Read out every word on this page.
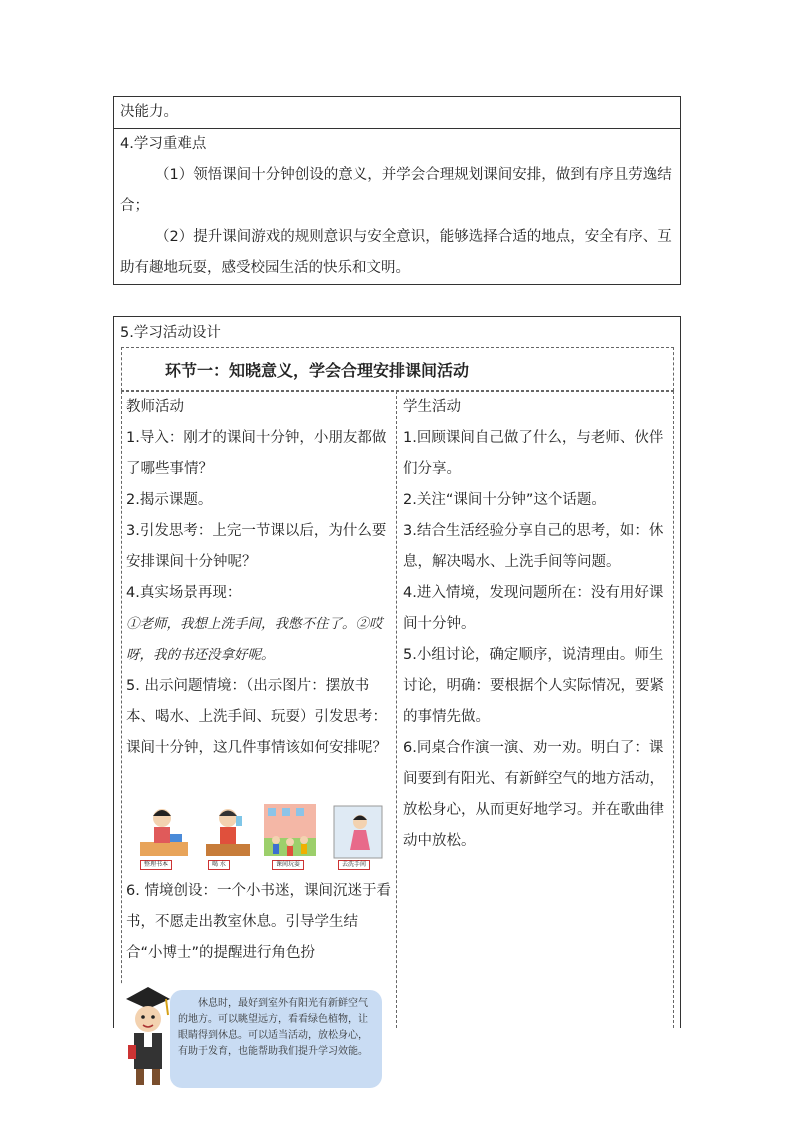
决能力。
4.学习重难点
（1）领悟课间十分钟创设的意义，并学会合理规划课间安排，做到有序且劳逸结合；
（2）提升课间游戏的规则意识与安全意识，能够选择合适的地点，安全有序、互助有趣地玩耍，感受校园生活的快乐和文明。
5.学习活动设计
环节一：知晓意义，学会合理安排课间活动
教师活动
1.导入：刚才的课间十分钟，小朋友都做了哪些事情？
2.揭示课题。
3.引发思考：上完一节课以后，为什么要安排课间十分钟呢？
4.真实场景再现：
①老师，我想上洗手间，我憋不住了。②哎呀，我的书还没拿好呢。
5. 出示问题情境：（出示图片：摆放书本、喝水、上洗手间、玩耍）引发思考：课间十分钟，这几件事情该如何安排呢？
整理书本	喝 水	课间玩耍	去洗手间
6. 情境创设：一个小书迷，课间沉迷于看书，不愿走出教室休息。引导学生结合“小博士”的提醒进行角色扮
学生活动
1.回顾课间自己做了什么，与老师、伙伴们分享。
2.关注“课间十分钟”这个话题。
3.结合生活经验分享自己的思考，如：休息，解决喝水、上洗手间等问题。
4.进入情境，发现问题所在：没有用好课间十分钟。
5.小组讨论，确定顺序，说清理由。师生讨论，明确：要根据个人实际情况，要紧的事情先做。
6.同桌合作演一演、劝一劝。明白了：课间要到有阳光、有新鲜空气的地方活动，放松身心，从而更好地学习。并在歌曲律动中放松。
休息时，最好到室外有阳光有新鲜空气的地方。可以眺望远方，看看绿色植物，让眼睛得到休息。可以适当活动，放松身心，有助于发育，也能帮助我们提升学习效能。
